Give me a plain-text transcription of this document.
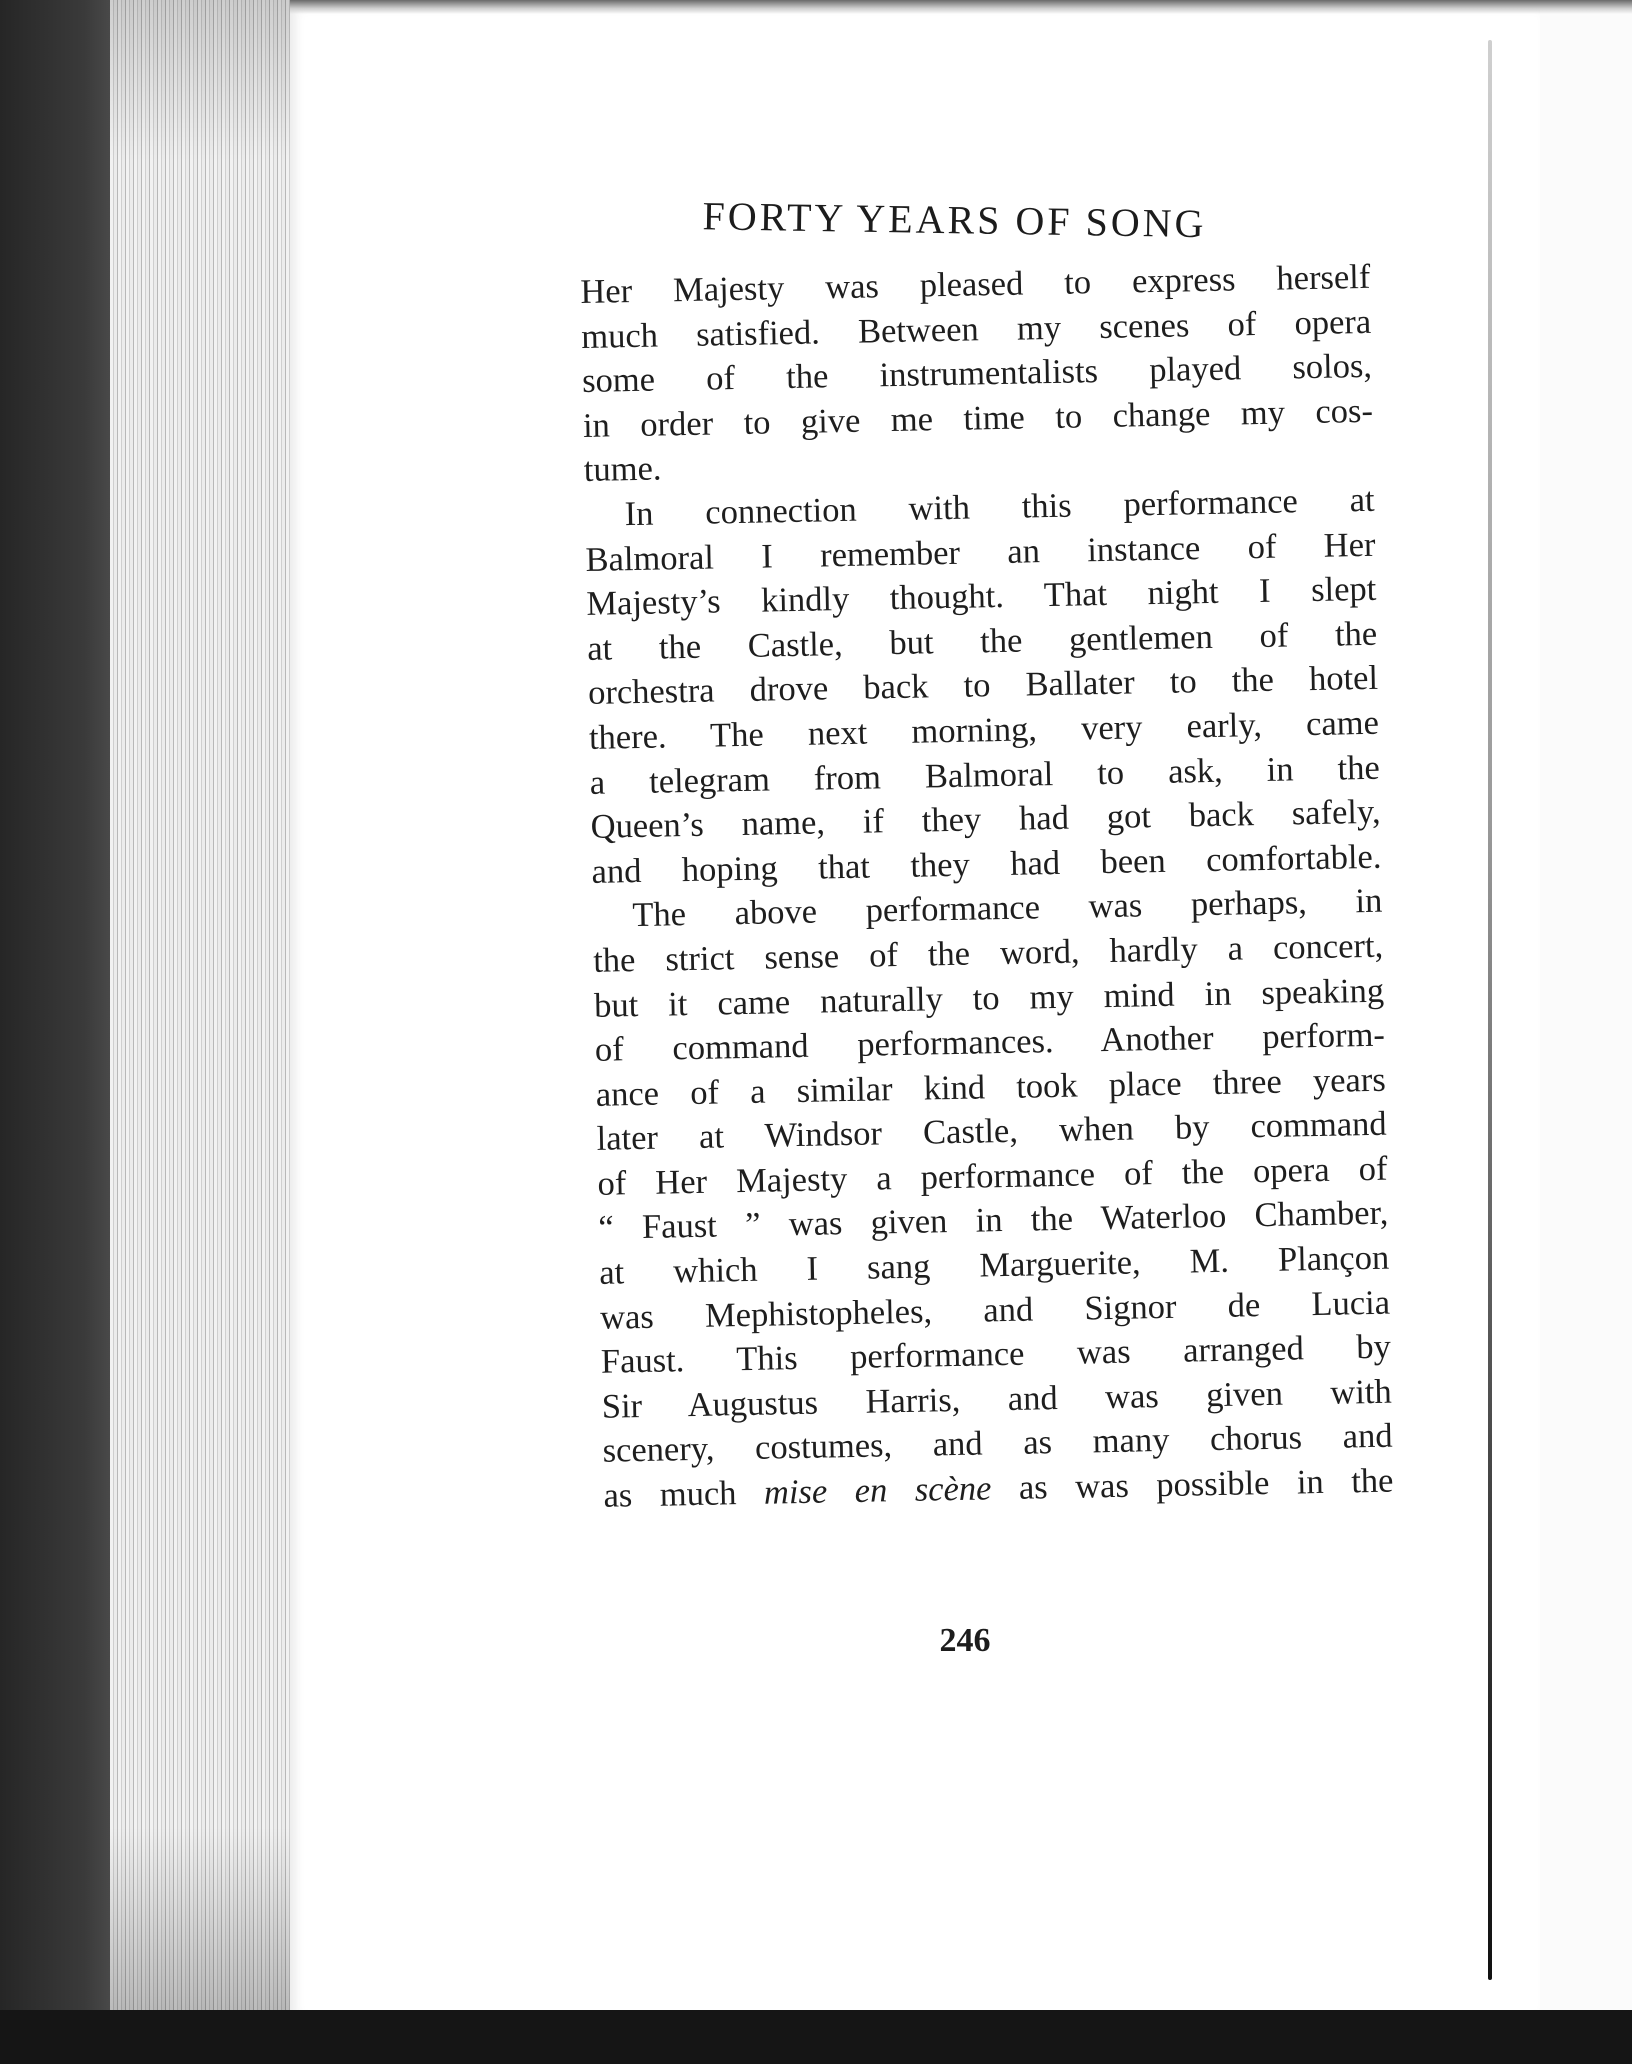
FORTY YEARS OF SONG
Her Majesty was pleased to express herself
much satisfied. Between my scenes of opera
some of the instrumentalists played solos,
in order to give me time to change my cos-
tume.
In connection with this performance at
Balmoral I remember an instance of Her
Majesty’s kindly thought. That night I slept
at the Castle, but the gentlemen of the
orchestra drove back to Ballater to the hotel
there. The next morning, very early, came
a telegram from Balmoral to ask, in the
Queen’s name, if they had got back safely,
and hoping that they had been comfortable.
The above performance was perhaps, in
the strict sense of the word, hardly a concert,
but it came naturally to my mind in speaking
of command performances. Another perform-
ance of a similar kind took place three years
later at Windsor Castle, when by command
of Her Majesty a performance of the opera of
“ Faust ” was given in the Waterloo Chamber,
at which I sang Marguerite, M. Plançon
was Mephistopheles, and Signor de Lucia
Faust. This performance was arranged by
Sir Augustus Harris, and was given with
scenery, costumes, and as many chorus and
as much mise en scène as was possible in the
246
